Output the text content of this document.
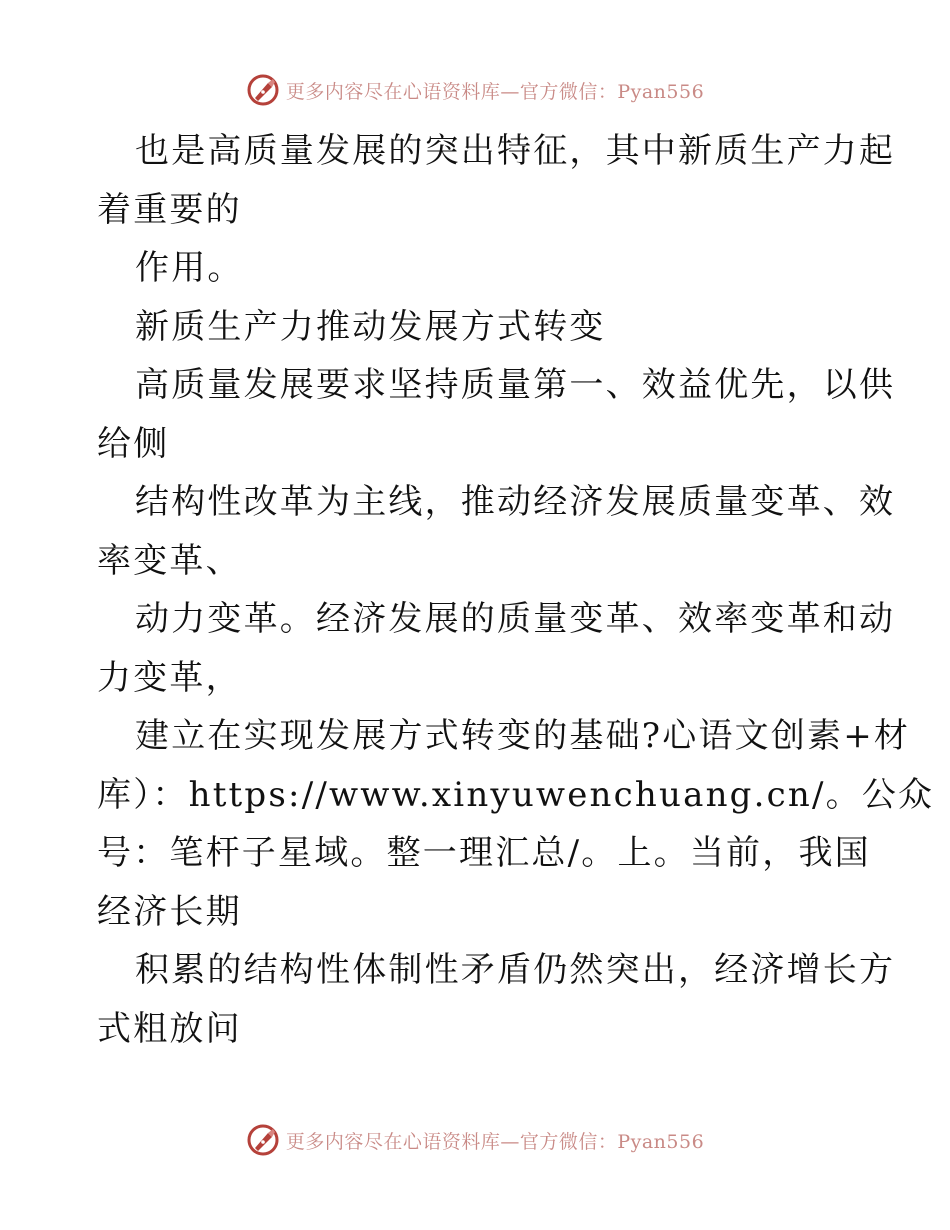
更多内容尽在心语资料库—官方微信：Pyan556
也是高质量发展的突出特征，其中新质生产力起
着重要的
作用。
新质生产力推动发展方式转变
高质量发展要求坚持质量第一、效益优先，以供
给侧
结构性改革为主线，推动经济发展质量变革、效
率变革、
动力变革。经济发展的质量变革、效率变革和动
力变革，
建立在实现发展方式转变的基础?心语文创素+材
库）：https://www.xinyuwenchuang.cn/。公众
号：笔杆子星域。整一理汇总/。上。当前，我国
经济长期
积累的结构性体制性矛盾仍然突出，经济增长方
式粗放问
更多内容尽在心语资料库—官方微信：Pyan556
